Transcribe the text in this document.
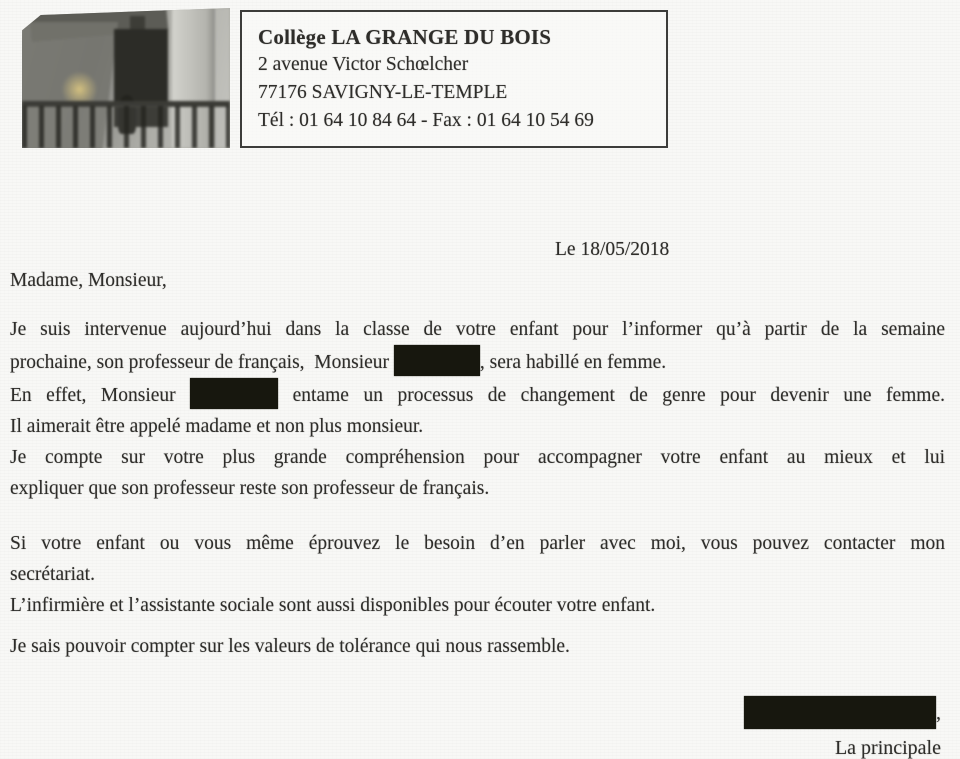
Collège LA GRANGE DU BOIS
2 avenue Victor Schœlcher
77176 SAVIGNY-LE-TEMPLE
Tél : 01 64 10 84 64 - Fax : 01 64 10 54 69
Le 18/05/2018
Madame, Monsieur,
Je suis intervenue aujourd’hui dans la classe de votre enfant pour l’informer qu’à partir de la semaine
prochaine, son professeur de français,  Monsieur	, sera habillé en femme.
En effet, Monsieur	entame un processus de changement de genre pour devenir une femme.
Il aimerait être appelé madame et non plus monsieur.
Je compte sur votre plus grande compréhension pour accompagner votre enfant au mieux et lui
expliquer que son professeur reste son professeur de français.
Si votre enfant ou vous même éprouvez le besoin d’en parler avec moi, vous pouvez contacter mon
secrétariat.
L’infirmière et l’assistante sociale sont aussi disponibles pour écouter votre enfant.
Je sais pouvoir compter sur les valeurs de tolérance qui nous rassemble.
,
La principale
